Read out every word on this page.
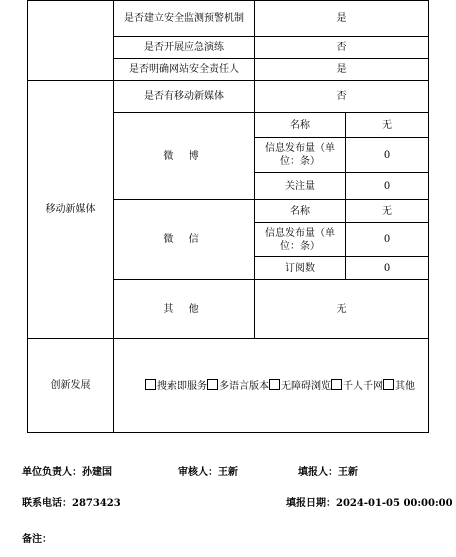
	是否建立安全监测预警机制	是	
	是否开展应急演练	否	
	是否明确网站安全责任人	是	
移动新媒体	是否有移动新媒体	否	
	微 博	名称	无
		信息发布量（单位：条）	0
		关注量	0
	微 信	名称	无
		信息发布量（单位：条）	0
		订阅数	0
	其 他	无	
创新发展	搜索即服务 多语言版本 无障碍浏览 千人千网 其他		
单位负责人：孙建国	审核人：王新	填报人：王新
联系电话：2873423	填报日期：2024-01-05 00:00:00
备注：
